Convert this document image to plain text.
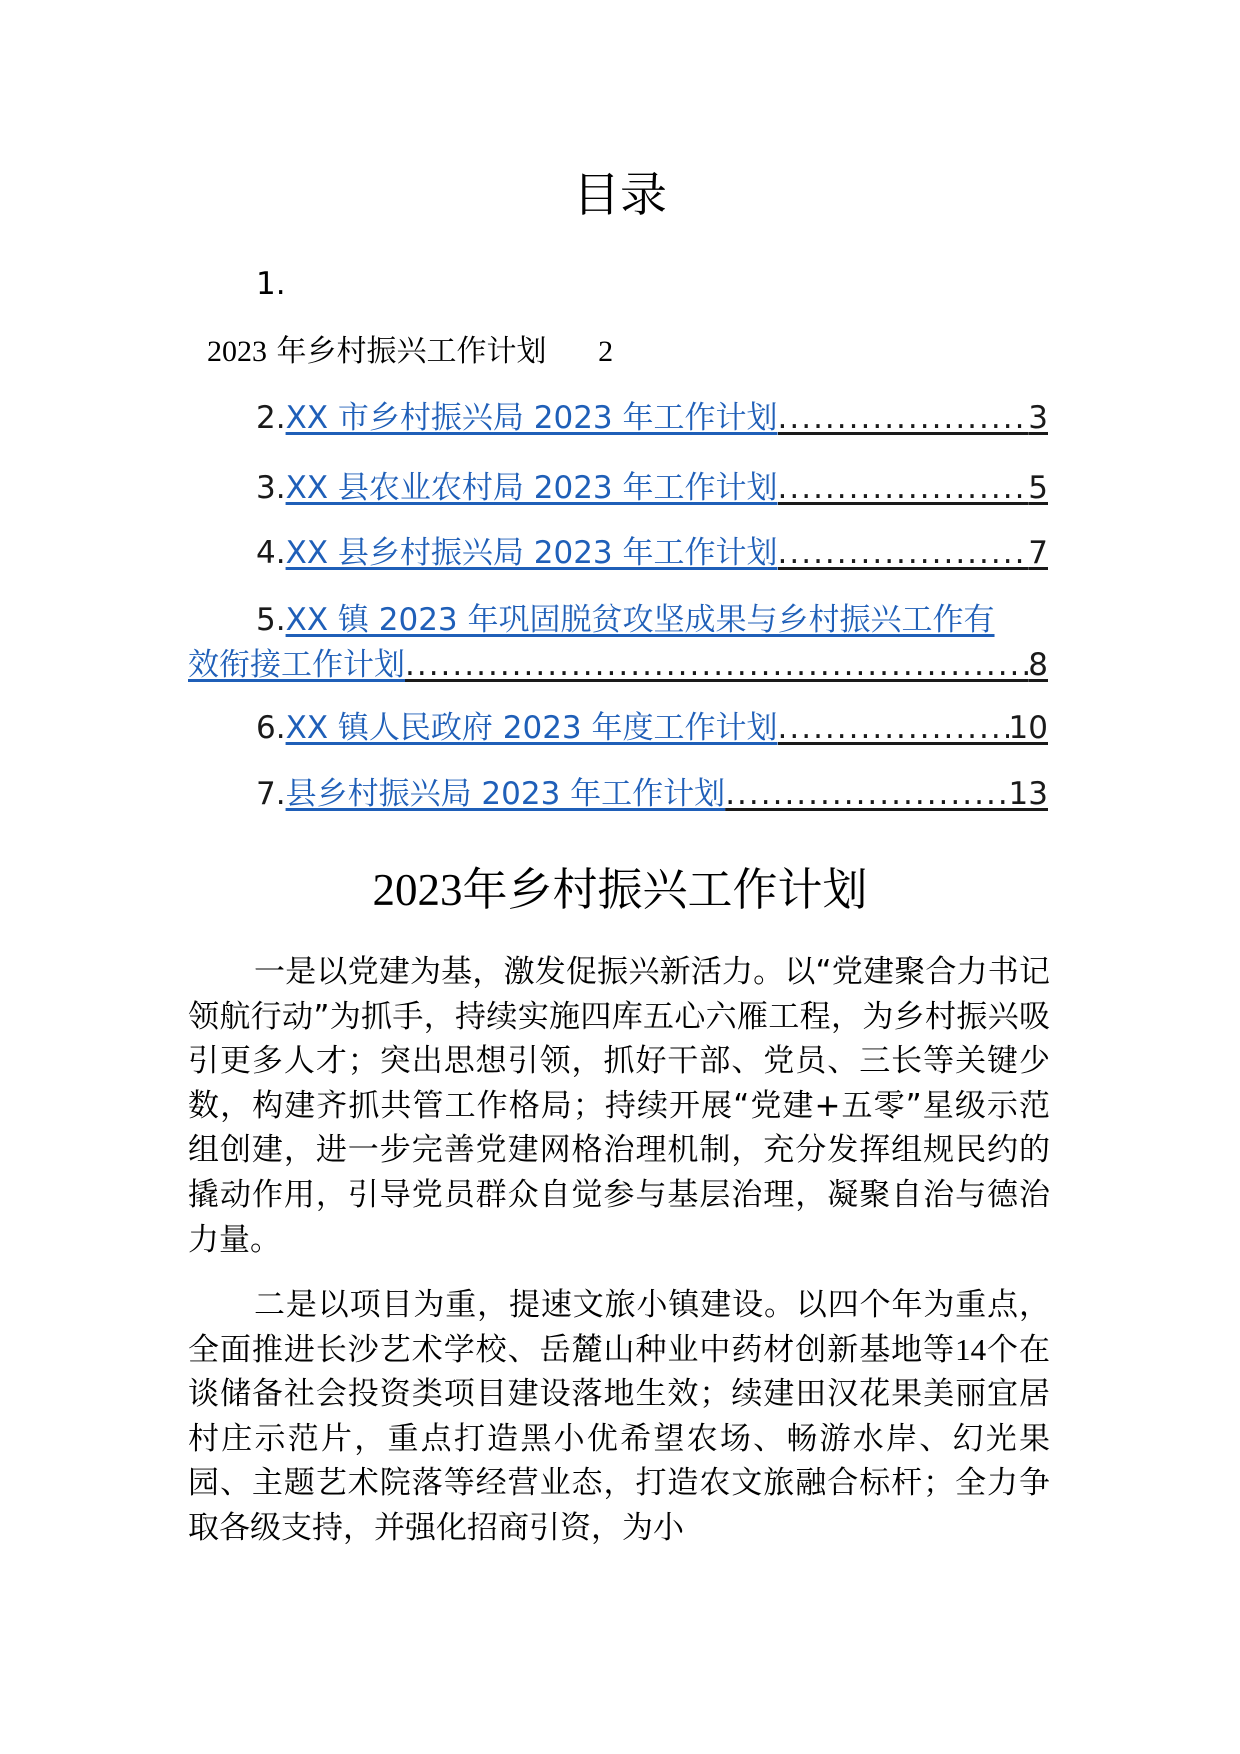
目录
1.
2023 年乡村振兴工作计划 2
2. XX 市乡村振兴局 2023 年工作计划 .....	3
3. XX 县农业农村局 2023 年工作计划 .....	5
4. XX 县乡村振兴局 2023 年工作计划 .....	7
5.XX 镇 2023 年巩固脱贫攻坚成果与乡村振兴工作有
效衔接工作计划 .....	8
6. XX 镇人民政府 2023 年度工作计划 .....	10
7. 县乡村振兴局 2023 年工作计划 .....	13
2023年乡村振兴工作计划
一是以党建为基，激发促振兴新活力。以“党建聚合力书记领航行动”为抓手，持续实施四库五心六雁工程，为乡村振兴吸引更多人才；突出思想引领，抓好干部、党员、三长等关键少数，构建齐抓共管工作格局；持续开展“党建+五零”星级示范组创建，进一步完善党建网格治理机制，充分发挥组规民约的撬动作用，引导党员群众自觉参与基层治理，凝聚自治与德治力量。
二是以项目为重，提速文旅小镇建设。以四个年为重点，全面推进长沙艺术学校、岳麓山种业中药材创新基地等14个在谈储备社会投资类项目建设落地生效；续建田汉花果美丽宜居村庄示范片，重点打造黑小优希望农场、畅游水岸、幻光果园、主题艺术院落等经营业态，打造农文旅融合标杆；全力争取各级支持，并强化招商引资，为小
